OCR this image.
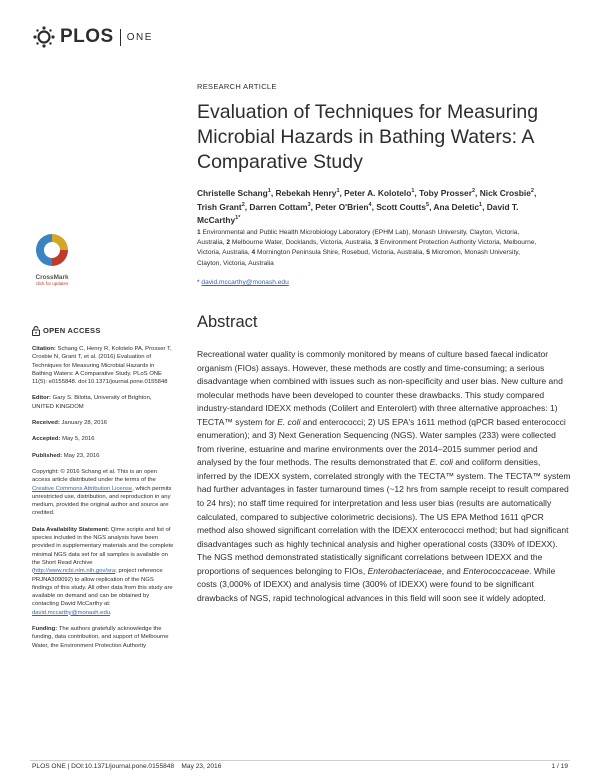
PLOS ONE
RESEARCH ARTICLE
Evaluation of Techniques for Measuring Microbial Hazards in Bathing Waters: A Comparative Study
Christelle Schang$^1$, Rebekah Henry$^1$, Peter A. Kolotelo$^1$, Toby Prosser$^2$, Nick Crosbie$^2$, Trish Grant$^2$, Darren Cottam$^3$, Peter O'Brien$^4$, Scott Coutts$^5$, Ana Deletic$^1$, David T. McCarthy$^{1*}$
1 Environmental and Public Health Microbiology Laboratory (EPHM Lab), Monash University, Clayton, Victoria, Australia, 2 Melbourne Water, Docklands, Victoria, Australia, 3 Environment Protection Authority Victoria, Melbourne, Victoria, Australia, 4 Mornington Peninsula Shire, Rosebud, Victoria, Australia, 5 Micromon, Monash University, Clayton, Victoria, Australia
* david.mccarthy@monash.edu
CrossMark
click for updates
OPEN ACCESS

Citation: Schang C, Henry R, Kolotelo PA, Prosser T, Crosbie N, Grant T, et al. (2016) Evaluation of Techniques for Measuring Microbial Hazards in Bathing Waters: A Comparative Study. PLoS ONE 11(5): e0155848. doi:10.1371/journal.pone.0155848

Editor: Gary S. Bilotta, University of Brighton, UNITED KINGDOM

Received: January 28, 2016

Accepted: May 5, 2016

Published: May 23, 2016

Copyright: © 2016 Schang et al. This is an open access article distributed under the terms of the Creative Commons Attribution License, which permits unrestricted use, distribution, and reproduction in any medium, provided the original author and source are credited.

Data Availability Statement: Qime scripts and list of species included in the NGS analysis have been provided in supplementary materials and the complete minimal NGS data set for all samples is available on the Short Read Archive (http://www.ncbi.nlm.nih.gov/sra; project reference PRJNA309092) to allow replication of the NGS findings of this study. All other data from this study are available on demand and can be obtained by contacting David McCarthy at: david.mccarthy@monash.edu.

Funding: The authors gratefully acknowledge the funding, data contribution, and support of Melbourne Water, the Environment Protection Authority

Abstract

Recreational water quality is commonly monitored by means of culture based faecal indicator organism (FIOs) assays. However, these methods are costly and time-consuming; a serious disadvantage when combined with issues such as non-specificity and user bias. New culture and molecular methods have been developed to counter these drawbacks. This study compared industry-standard IDEXX methods (Colilert and Enterolert) with three alternative approaches: 1) TECTA™ system for E. coli and enterococci; 2) US EPA's 1611 method (qPCR based enterococci enumeration); and 3) Next Generation Sequencing (NGS). Water samples (233) were collected from riverine, estuarine and marine environments over the 2014–2015 summer period and analysed by the four methods. The results demonstrated that E. coli and coliform densities, inferred by the IDEXX system, correlated strongly with the TECTA™ system. The TECTA™ system had further advantages in faster turnaround times (~12 hrs from sample receipt to result compared to 24 hrs); no staff time required for interpretation and less user bias (results are automatically calculated, compared to subjective colorimetric decisions). The US EPA Method 1611 qPCR method also showed significant correlation with the IDEXX enterococci method; but had significant disadvantages such as highly technical analysis and higher operational costs (330% of IDEXX). The NGS method demonstrated statistically significant correlations between IDEXX and the proportions of sequences belonging to FIOs, Enterobacteriaceae, and Enterococcaceae. While costs (3,000% of IDEXX) and analysis time (300% of IDEXX) were found to be significant drawbacks of NGS, rapid technological advances in this field will soon see it widely adopted.

PLOS ONE | DOI:10.1371/journal.pone.0155848    May 23, 2016	1 / 19
